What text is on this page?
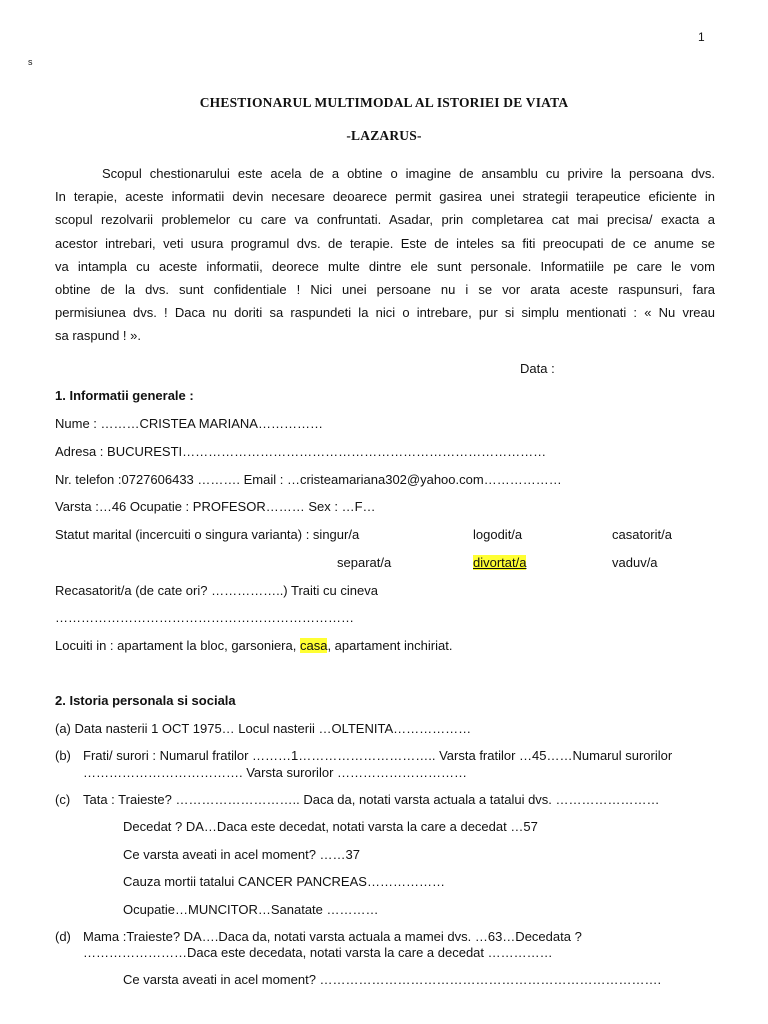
1
s
CHESTIONARUL MULTIMODAL AL ISTORIEI DE VIATA
-LAZARUS-
Scopul chestionarului este acela de a obtine o imagine de ansamblu cu privire la persoana dvs.
In terapie, aceste informatii devin necesare deoarece permit gasirea unei strategii terapeutice eficiente in
scopul rezolvarii problemelor cu care va confruntati. Asadar, prin completarea cat mai precisa/ exacta a
acestor intrebari, veti usura programul dvs. de terapie. Este de inteles sa fiti preocupati de ce anume se
va intampla cu aceste informatii, deorece multe dintre ele sunt personale. Informatiile pe care le vom
obtine de la dvs. sunt confidentiale ! Nici unei persoane nu i se vor arata aceste raspunsuri, fara
permisiunea dvs. ! Daca nu doriti sa raspundeti la nici o intrebare, pur si simplu mentionati : « Nu vreau
sa raspund ! ».
Data :
1. Informatii generale :
Nume : ………CRISTEA MARIANA……………
Adresa : BUCURESTI…………………………………………………………………………
Nr. telefon :0727606433 ………. Email : …cristeamariana302@yahoo.com………………
Varsta :…46 Ocupatie : PROFESOR……… Sex : …F…
Statut marital (incercuiti o singura varianta) : singur/a	logodit/a	casatorit/a
separat/a	divortat/a	vaduv/a
Recasatorit/a (de cate ori? ……………..) Traiti cu cineva
……………………………………………………………
Locuiti in : apartament la bloc, garsoniera, casa, apartament inchiriat.
2. Istoria personala si sociala
(a) Data nasterii 1 OCT 1975… Locul nasterii …OLTENITA………………
(b) Frati/ surori : Numarul fratilor ………1………………………….. Varsta fratilor …45……Numarul surorilor
………………………………. Varsta surorilor …………………………
(c) Tata : Traieste? ……………………….. Daca da, notati varsta actuala a tatalui dvs. ……………………
Decedat ? DA…Daca este decedat, notati varsta la care a decedat …57
Ce varsta aveati in acel moment? ……37
Cauza mortii tatalui CANCER PANCREAS………………
Ocupatie…MUNCITOR…Sanatate …………
(d) Mama :Traieste? DA….Daca da, notati varsta actuala a mamei dvs. …63…Decedata ?
……………………Daca este decedata, notati varsta la care a decedat ……………
Ce varsta aveati in acel moment? …………………………………………………………………….
